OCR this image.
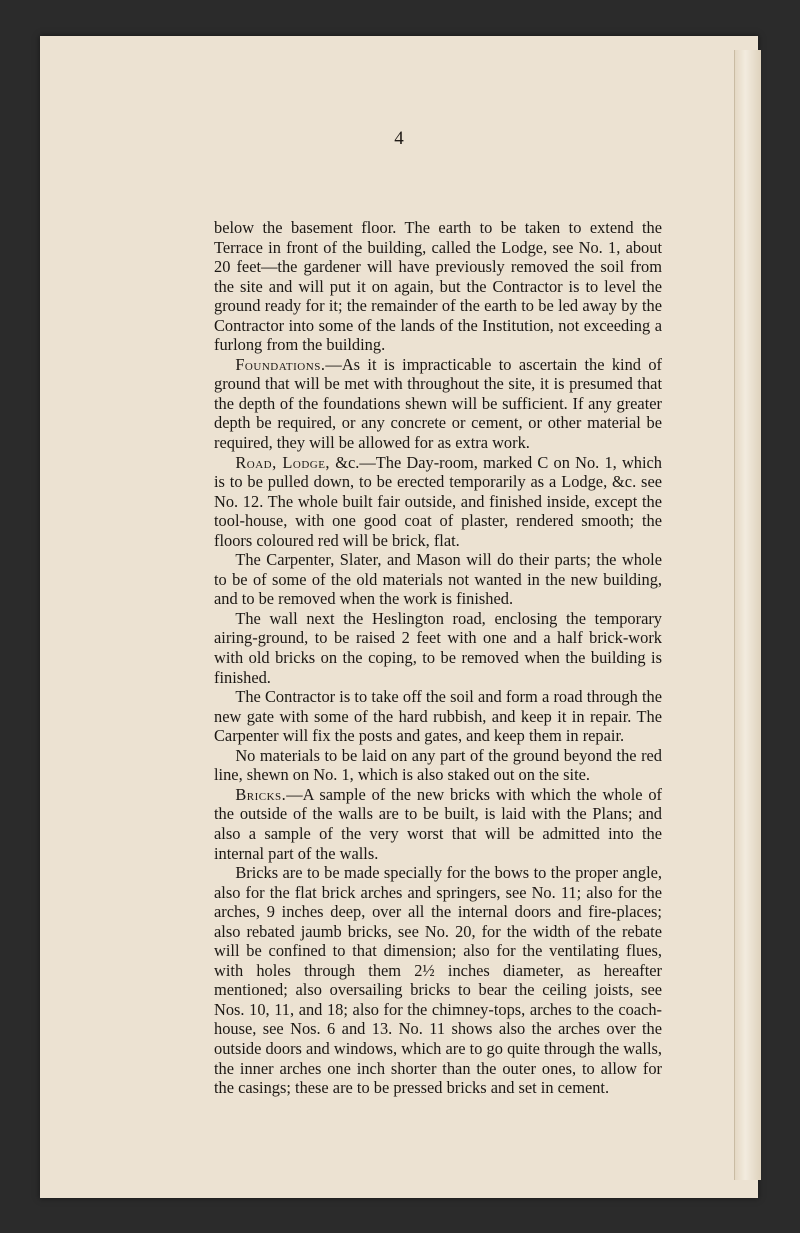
4

below the basement floor. The earth to be taken to extend the Terrace in front of the building, called the Lodge, see No. 1, about 20 feet—the gardener will have previously removed the soil from the site and will put it on again, but the Contractor is to level the ground ready for it; the remainder of the earth to be led away by the Contractor into some of the lands of the Institution, not exceeding a furlong from the building.

Foundations.—As it is impracticable to ascertain the kind of ground that will be met with throughout the site, it is presumed that the depth of the foundations shewn will be sufficient. If any greater depth be required, or any concrete or cement, or other material be required, they will be allowed for as extra work.

Road, Lodge, &c.—The Day-room, marked C on No. 1, which is to be pulled down, to be erected temporarily as a Lodge, &c. see No. 12. The whole built fair outside, and finished inside, except the tool-house, with one good coat of plaster, rendered smooth; the floors coloured red will be brick, flat.

The Carpenter, Slater, and Mason will do their parts; the whole to be of some of the old materials not wanted in the new building, and to be removed when the work is finished.

The wall next the Heslington road, enclosing the temporary airing-ground, to be raised 2 feet with one and a half brick-work with old bricks on the coping, to be removed when the building is finished.

The Contractor is to take off the soil and form a road through the new gate with some of the hard rubbish, and keep it in repair. The Carpenter will fix the posts and gates, and keep them in repair.

No materials to be laid on any part of the ground beyond the red line, shewn on No. 1, which is also staked out on the site.

Bricks.—A sample of the new bricks with which the whole of the outside of the walls are to be built, is laid with the Plans; and also a sample of the very worst that will be admitted into the internal part of the walls.

Bricks are to be made specially for the bows to the proper angle, also for the flat brick arches and springers, see No. 11; also for the arches, 9 inches deep, over all the internal doors and fire-places; also rebated jaumb bricks, see No. 20, for the width of the rebate will be confined to that dimension; also for the ventilating flues, with holes through them 2½ inches diameter, as hereafter mentioned; also oversailing bricks to bear the ceiling joists, see Nos. 10, 11, and 18; also for the chimney-tops, arches to the coach-house, see Nos. 6 and 13. No. 11 shows also the arches over the outside doors and windows, which are to go quite through the walls, the inner arches one inch shorter than the outer ones, to allow for the casings; these are to be pressed bricks and set in cement.
